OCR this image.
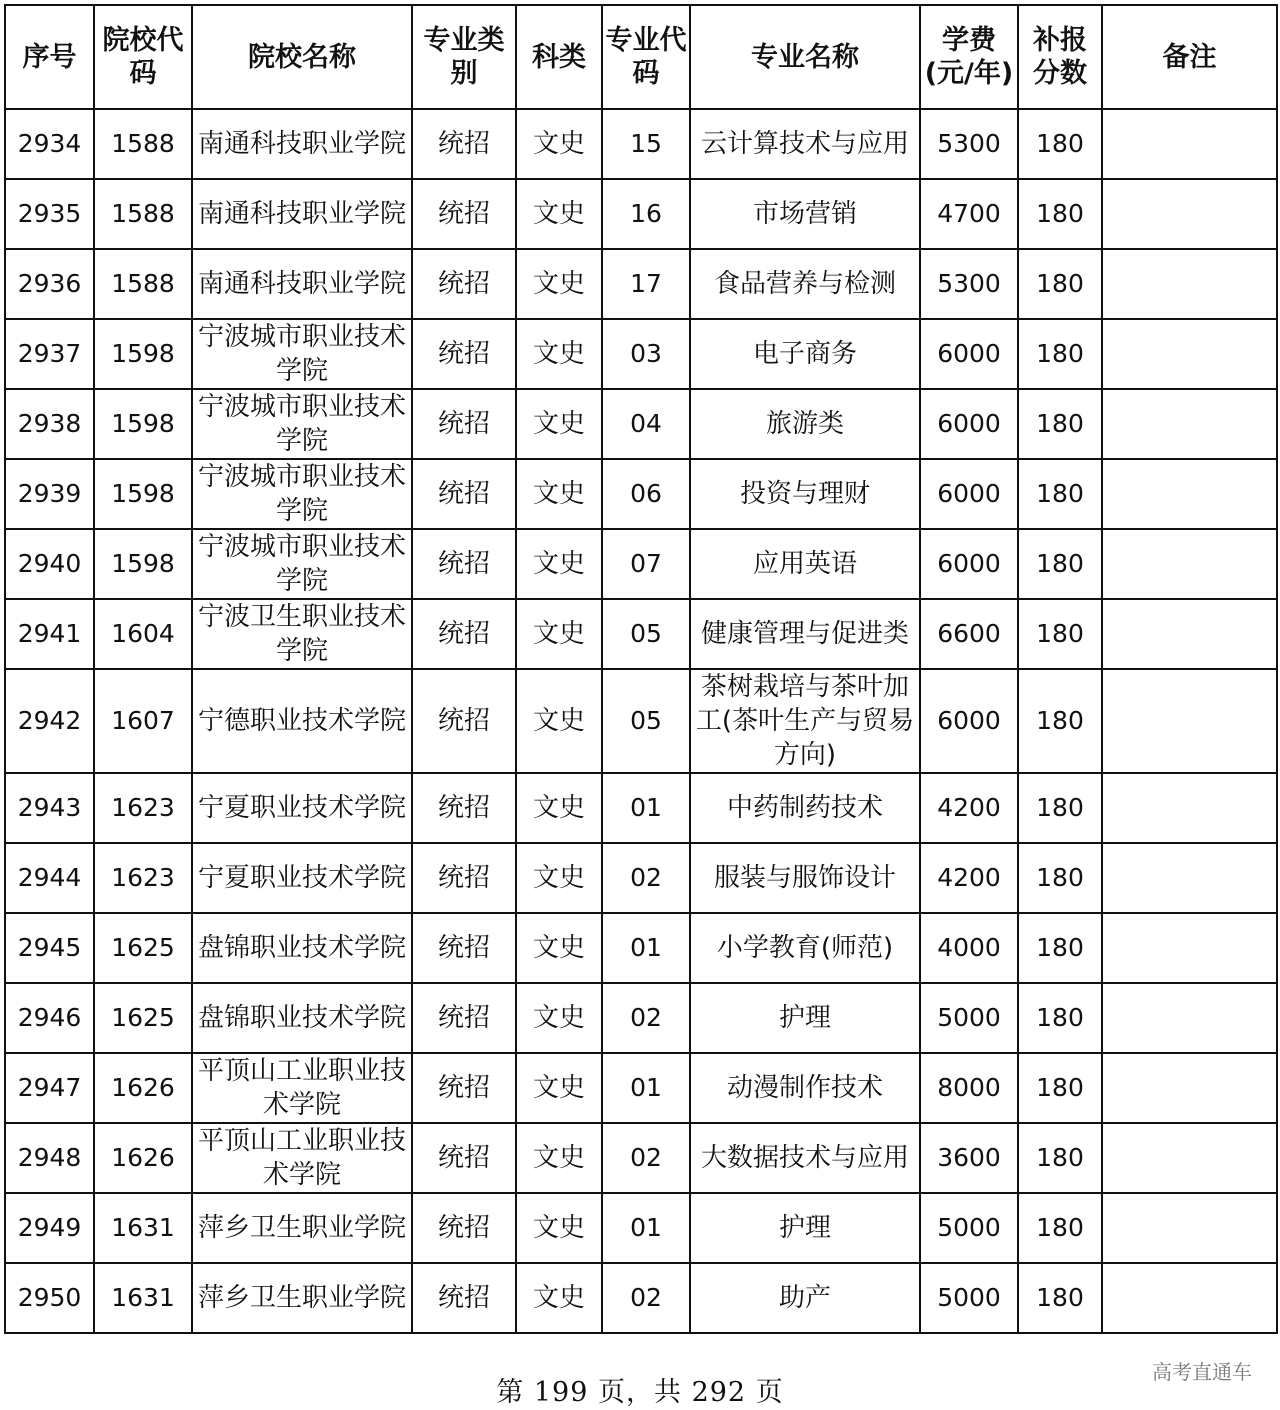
序号	院校代码	院校名称	专业类别	科类	专业代码	专业名称	学费(元/年)	补报分数	备注
2934	1588	南通科技职业学院	统招	文史	15	云计算技术与应用	5300	180	
2935	1588	南通科技职业学院	统招	文史	16	市场营销	4700	180	
2936	1588	南通科技职业学院	统招	文史	17	食品营养与检测	5300	180	
2937	1598	宁波城市职业技术学院	统招	文史	03	电子商务	6000	180	
2938	1598	宁波城市职业技术学院	统招	文史	04	旅游类	6000	180	
2939	1598	宁波城市职业技术学院	统招	文史	06	投资与理财	6000	180	
2940	1598	宁波城市职业技术学院	统招	文史	07	应用英语	6000	180	
2941	1604	宁波卫生职业技术学院	统招	文史	05	健康管理与促进类	6600	180	
2942	1607	宁德职业技术学院	统招	文史	05	茶树栽培与茶叶加工(茶叶生产与贸易方向)	6000	180	
2943	1623	宁夏职业技术学院	统招	文史	01	中药制药技术	4200	180	
2944	1623	宁夏职业技术学院	统招	文史	02	服装与服饰设计	4200	180	
2945	1625	盘锦职业技术学院	统招	文史	01	小学教育(师范)	4000	180	
2946	1625	盘锦职业技术学院	统招	文史	02	护理	5000	180	
2947	1626	平顶山工业职业技术学院	统招	文史	01	动漫制作技术	8000	180	
2948	1626	平顶山工业职业技术学院	统招	文史	02	大数据技术与应用	3600	180	
2949	1631	萍乡卫生职业学院	统招	文史	01	护理	5000	180	
2950	1631	萍乡卫生职业学院	统招	文史	02	助产	5000	180	
第 199 页，共 292 页
高考直通车
